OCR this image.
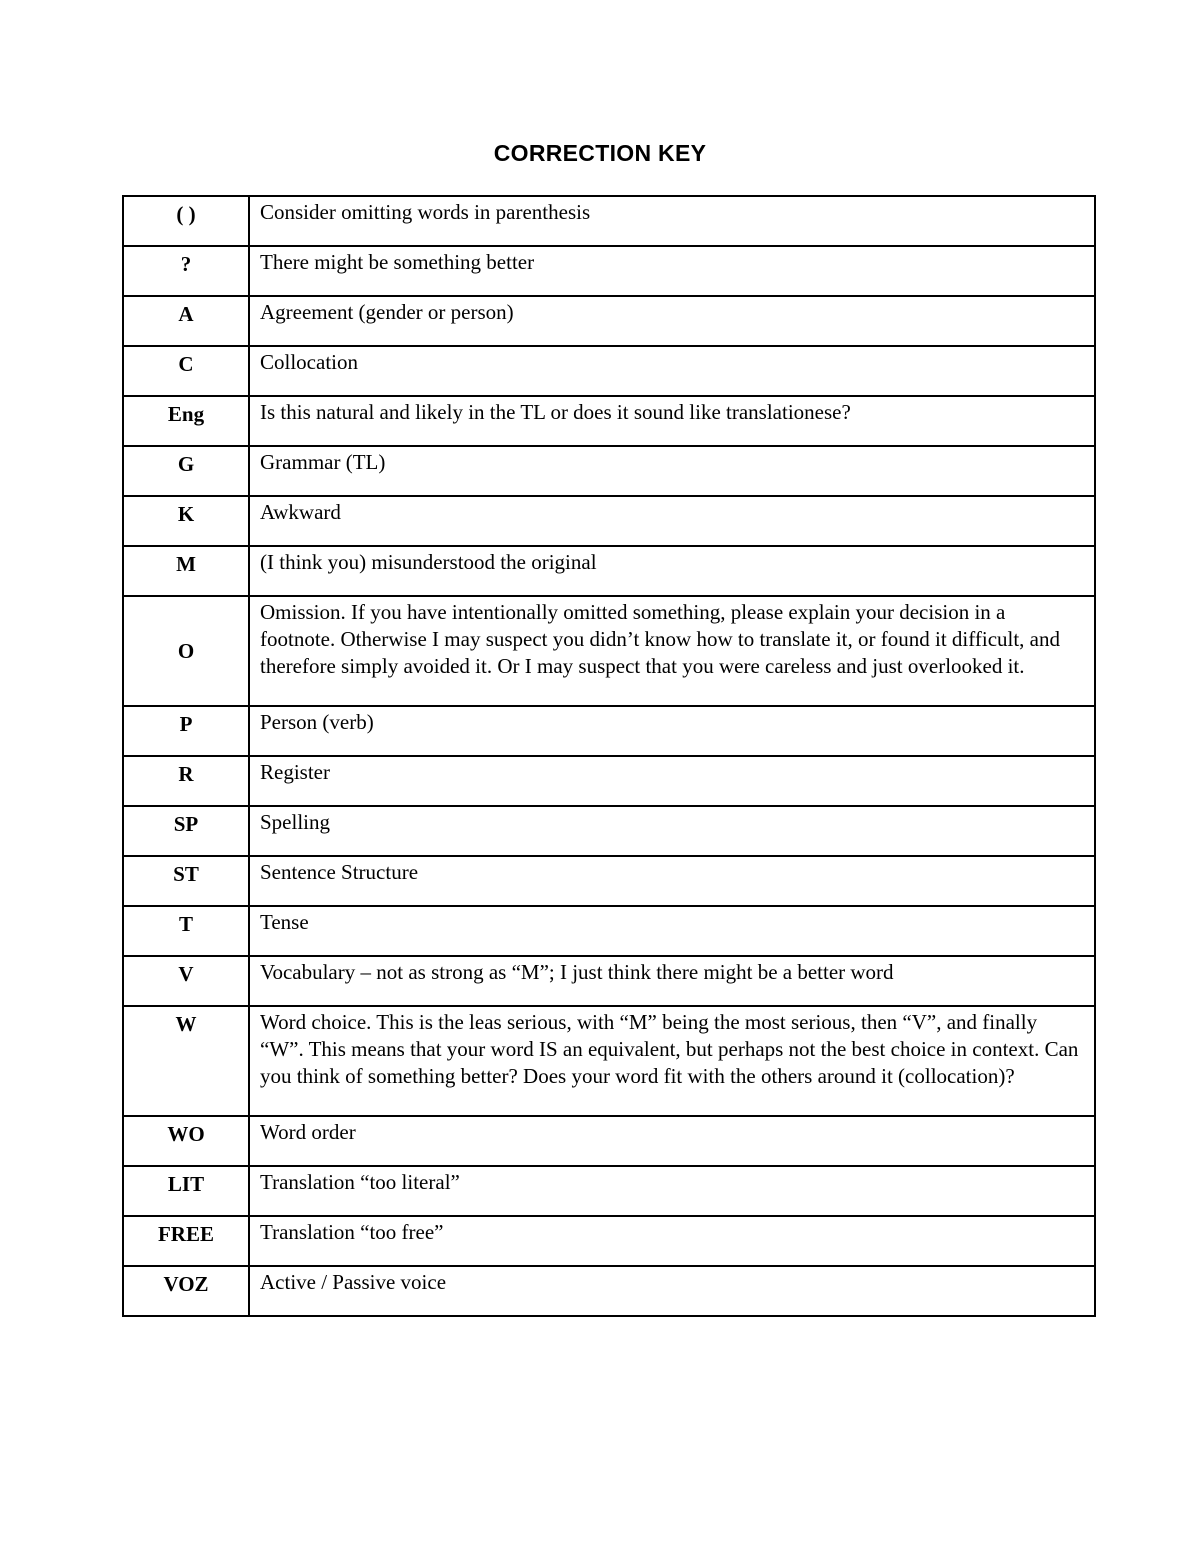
CORRECTION KEY
( )	Consider omitting words in parenthesis
?	There might be something better
A	Agreement (gender or person)
C	Collocation
Eng	Is this natural and likely in the TL or does it sound like translationese?
G	Grammar (TL)
K	Awkward
M	(I think you) misunderstood the original
O	Omission. If you have intentionally omitted something, please explain your decision in a footnote. Otherwise I may suspect you didn’t know how to translate it, or found it difficult, and therefore simply avoided it. Or I may suspect that you were careless and just overlooked it.
P	Person (verb)
R	Register
SP	Spelling
ST	Sentence Structure
T	Tense
V	Vocabulary – not as strong as “M”; I just think there might be a better word
W	Word choice. This is the leas serious, with “M” being the most serious, then “V”, and finally “W”. This means that your word IS an equivalent, but perhaps not the best choice in context. Can you think of something better? Does your word fit with the others around it (collocation)?
WO	Word order
LIT	Translation “too literal”
FREE	Translation “too free”
VOZ	Active / Passive voice
